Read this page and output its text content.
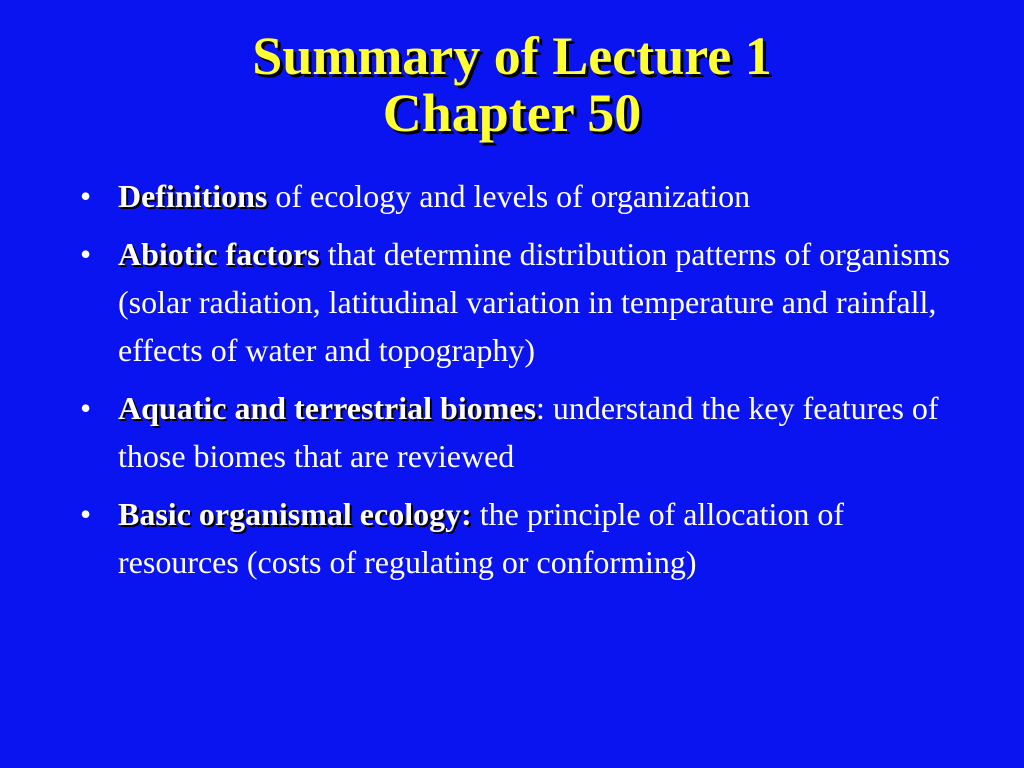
Summary of Lecture 1
Chapter 50
• Definitions of ecology and levels of organization
• Abiotic factors that determine distribution patterns of organisms (solar radiation, latitudinal variation in temperature and rainfall, effects of water and topography)
• Aquatic and terrestrial biomes: understand the key features of those biomes that are reviewed
• Basic organismal ecology: the principle of allocation of resources (costs of regulating or conforming)
